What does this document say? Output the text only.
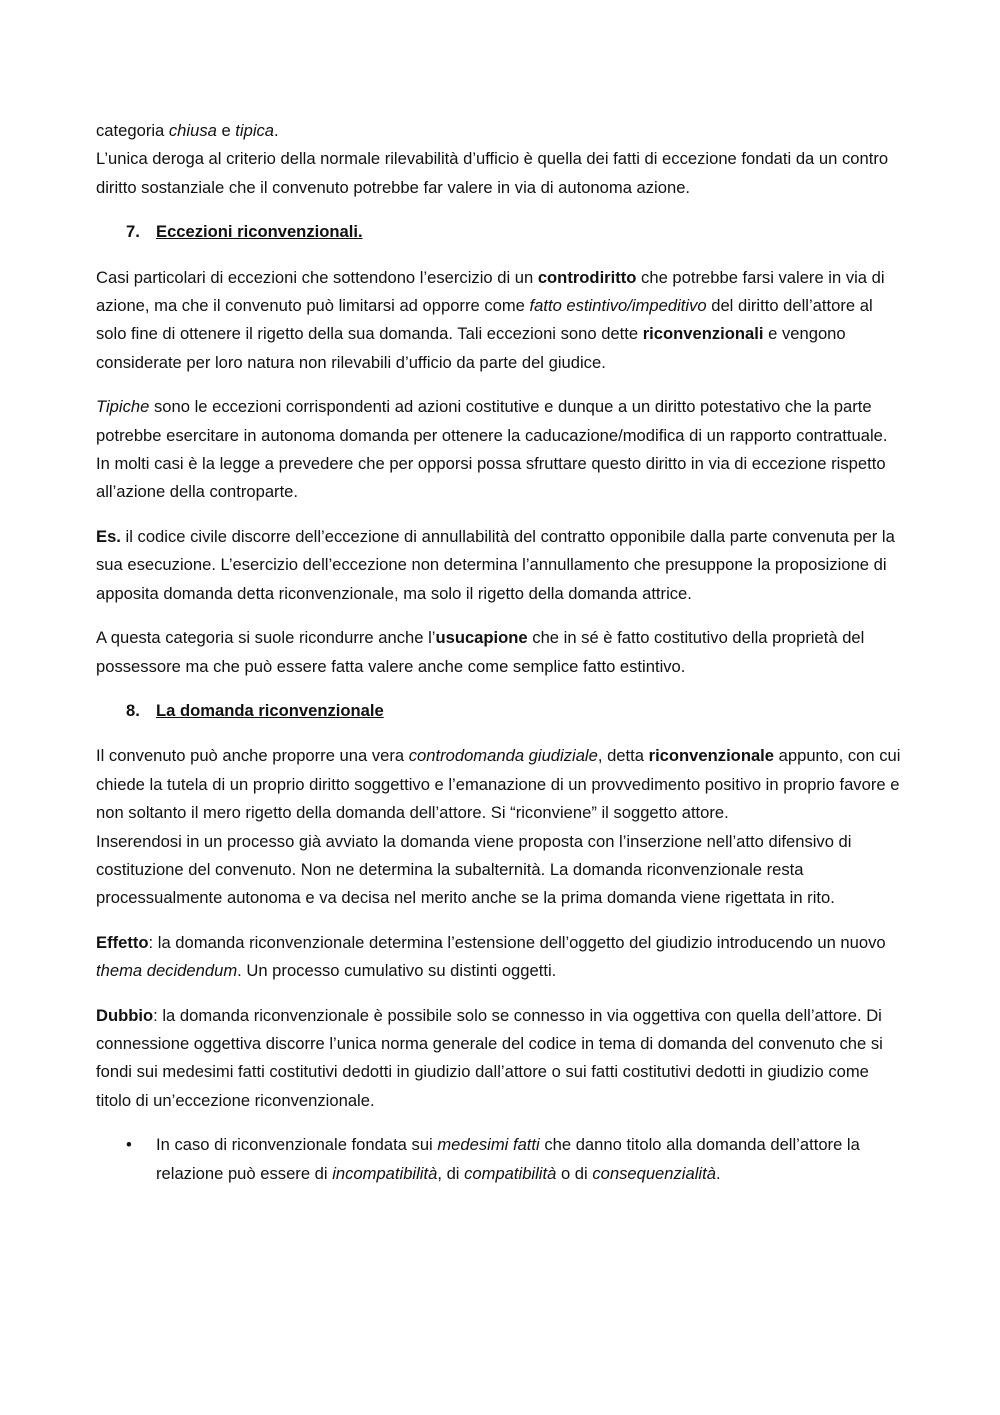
categoria chiusa e tipica.
L’unica deroga al criterio della normale rilevabilità d’ufficio è quella dei fatti di eccezione fondati da un contro diritto sostanziale che il convenuto potrebbe far valere in via di autonoma azione.

7. Eccezioni riconvenzionali.

Casi particolari di eccezioni che sottendono l’esercizio di un controdiritto che potrebbe farsi valere in via di azione, ma che il convenuto può limitarsi ad opporre come fatto estintivo/impeditivo del diritto dell’attore al solo fine di ottenere il rigetto della sua domanda. Tali eccezioni sono dette riconvenzionali e vengono considerate per loro natura non rilevabili d’ufficio da parte del giudice.

Tipiche sono le eccezioni corrispondenti ad azioni costitutive e dunque a un diritto potestativo che la parte potrebbe esercitare in autonoma domanda per ottenere la caducazione/modifica di un rapporto contrattuale. In molti casi è la legge a prevedere che per opporsi possa sfruttare questo diritto in via di eccezione rispetto all’azione della controparte.

Es. il codice civile discorre dell’eccezione di annullabilità del contratto opponibile dalla parte convenuta per la sua esecuzione. L’esercizio dell’eccezione non determina l’annullamento che presuppone la proposizione di apposita domanda detta riconvenzionale, ma solo il rigetto della domanda attrice.

A questa categoria si suole ricondurre anche l’usucapione che in sé è fatto costitutivo della proprietà del possessore ma che può essere fatta valere anche come semplice fatto estintivo.

8. La domanda riconvenzionale

Il convenuto può anche proporre una vera controdomanda giudiziale, detta riconvenzionale appunto, con cui chiede la tutela di un proprio diritto soggettivo e l’emanazione di un provvedimento positivo in proprio favore e non soltanto il mero rigetto della domanda dell’attore. Si “riconviene” il soggetto attore.
Inserendosi in un processo già avviato la domanda viene proposta con l’inserzione nell’atto difensivo di costituzione del convenuto. Non ne determina la subalternità. La domanda riconvenzionale resta processualmente autonoma e va decisa nel merito anche se la prima domanda viene rigettata in rito.

Effetto: la domanda riconvenzionale determina l’estensione dell’oggetto del giudizio introducendo un nuovo thema decidendum. Un processo cumulativo su distinti oggetti.

Dubbio: la domanda riconvenzionale è possibile solo se connesso in via oggettiva con quella dell’attore. Di connessione oggettiva discorre l’unica norma generale del codice in tema di domanda del convenuto che si fondi sui medesimi fatti costitutivi dedotti in giudizio dall’attore o sui fatti costitutivi dedotti in giudizio come titolo di un’eccezione riconvenzionale.

• In caso di riconvenzionale fondata sui medesimi fatti che danno titolo alla domanda dell’attore la relazione può essere di incompatibilità, di compatibilità o di consequenzialità.
